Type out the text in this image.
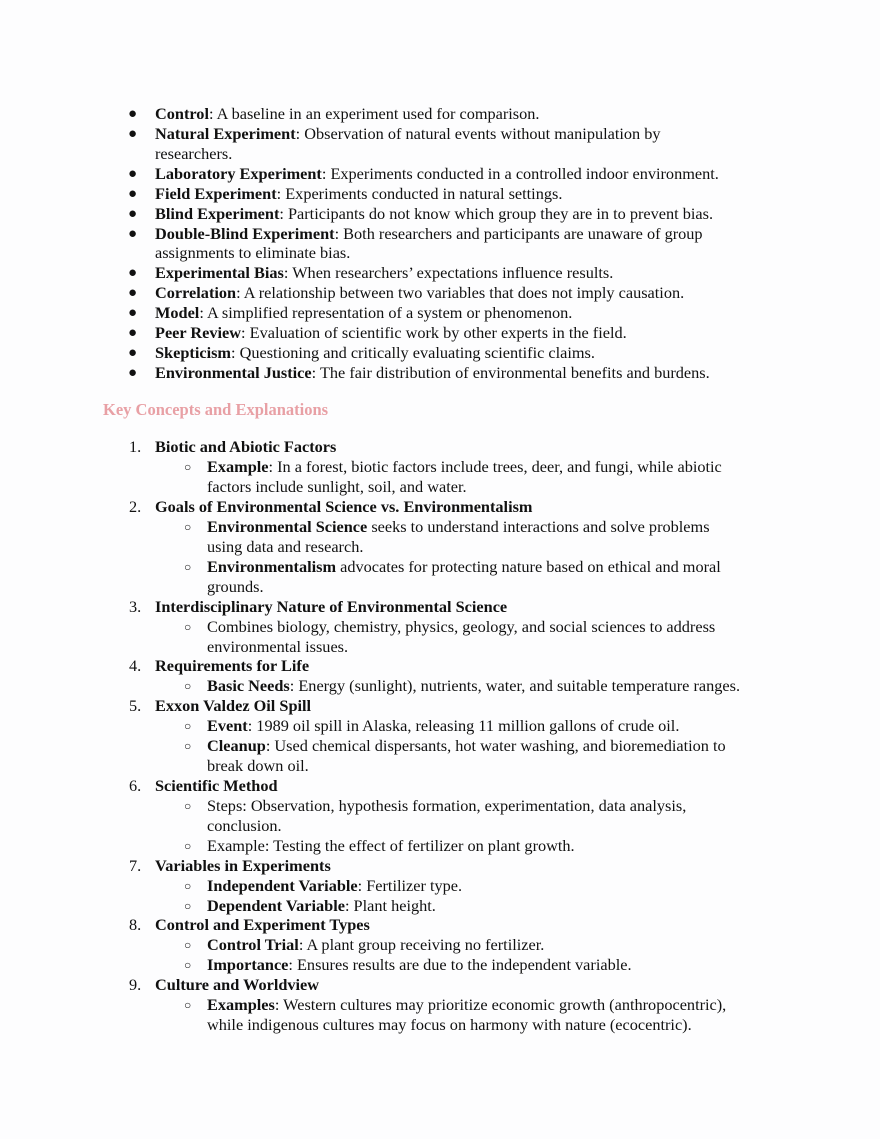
● Control: A baseline in an experiment used for comparison.
● Natural Experiment: Observation of natural events without manipulation by
researchers.
● Laboratory Experiment: Experiments conducted in a controlled indoor environment.
● Field Experiment: Experiments conducted in natural settings.
● Blind Experiment: Participants do not know which group they are in to prevent bias.
● Double-Blind Experiment: Both researchers and participants are unaware of group
assignments to eliminate bias.
● Experimental Bias: When researchers’ expectations influence results.
● Correlation: A relationship between two variables that does not imply causation.
● Model: A simplified representation of a system or phenomenon.
● Peer Review: Evaluation of scientific work by other experts in the field.
● Skepticism: Questioning and critically evaluating scientific claims.
● Environmental Justice: The fair distribution of environmental benefits and burdens.
Key Concepts and Explanations
1. Biotic and Abiotic Factors
○ Example: In a forest, biotic factors include trees, deer, and fungi, while abiotic
factors include sunlight, soil, and water.
2. Goals of Environmental Science vs. Environmentalism
○ Environmental Science seeks to understand interactions and solve problems
using data and research.
○ Environmentalism advocates for protecting nature based on ethical and moral
grounds.
3. Interdisciplinary Nature of Environmental Science
○ Combines biology, chemistry, physics, geology, and social sciences to address
environmental issues.
4. Requirements for Life
○ Basic Needs: Energy (sunlight), nutrients, water, and suitable temperature ranges.
5. Exxon Valdez Oil Spill
○ Event: 1989 oil spill in Alaska, releasing 11 million gallons of crude oil.
○ Cleanup: Used chemical dispersants, hot water washing, and bioremediation to
break down oil.
6. Scientific Method
○ Steps: Observation, hypothesis formation, experimentation, data analysis,
conclusion.
○ Example: Testing the effect of fertilizer on plant growth.
7. Variables in Experiments
○ Independent Variable: Fertilizer type.
○ Dependent Variable: Plant height.
8. Control and Experiment Types
○ Control Trial: A plant group receiving no fertilizer.
○ Importance: Ensures results are due to the independent variable.
9. Culture and Worldview
○ Examples: Western cultures may prioritize economic growth (anthropocentric),
while indigenous cultures may focus on harmony with nature (ecocentric).
